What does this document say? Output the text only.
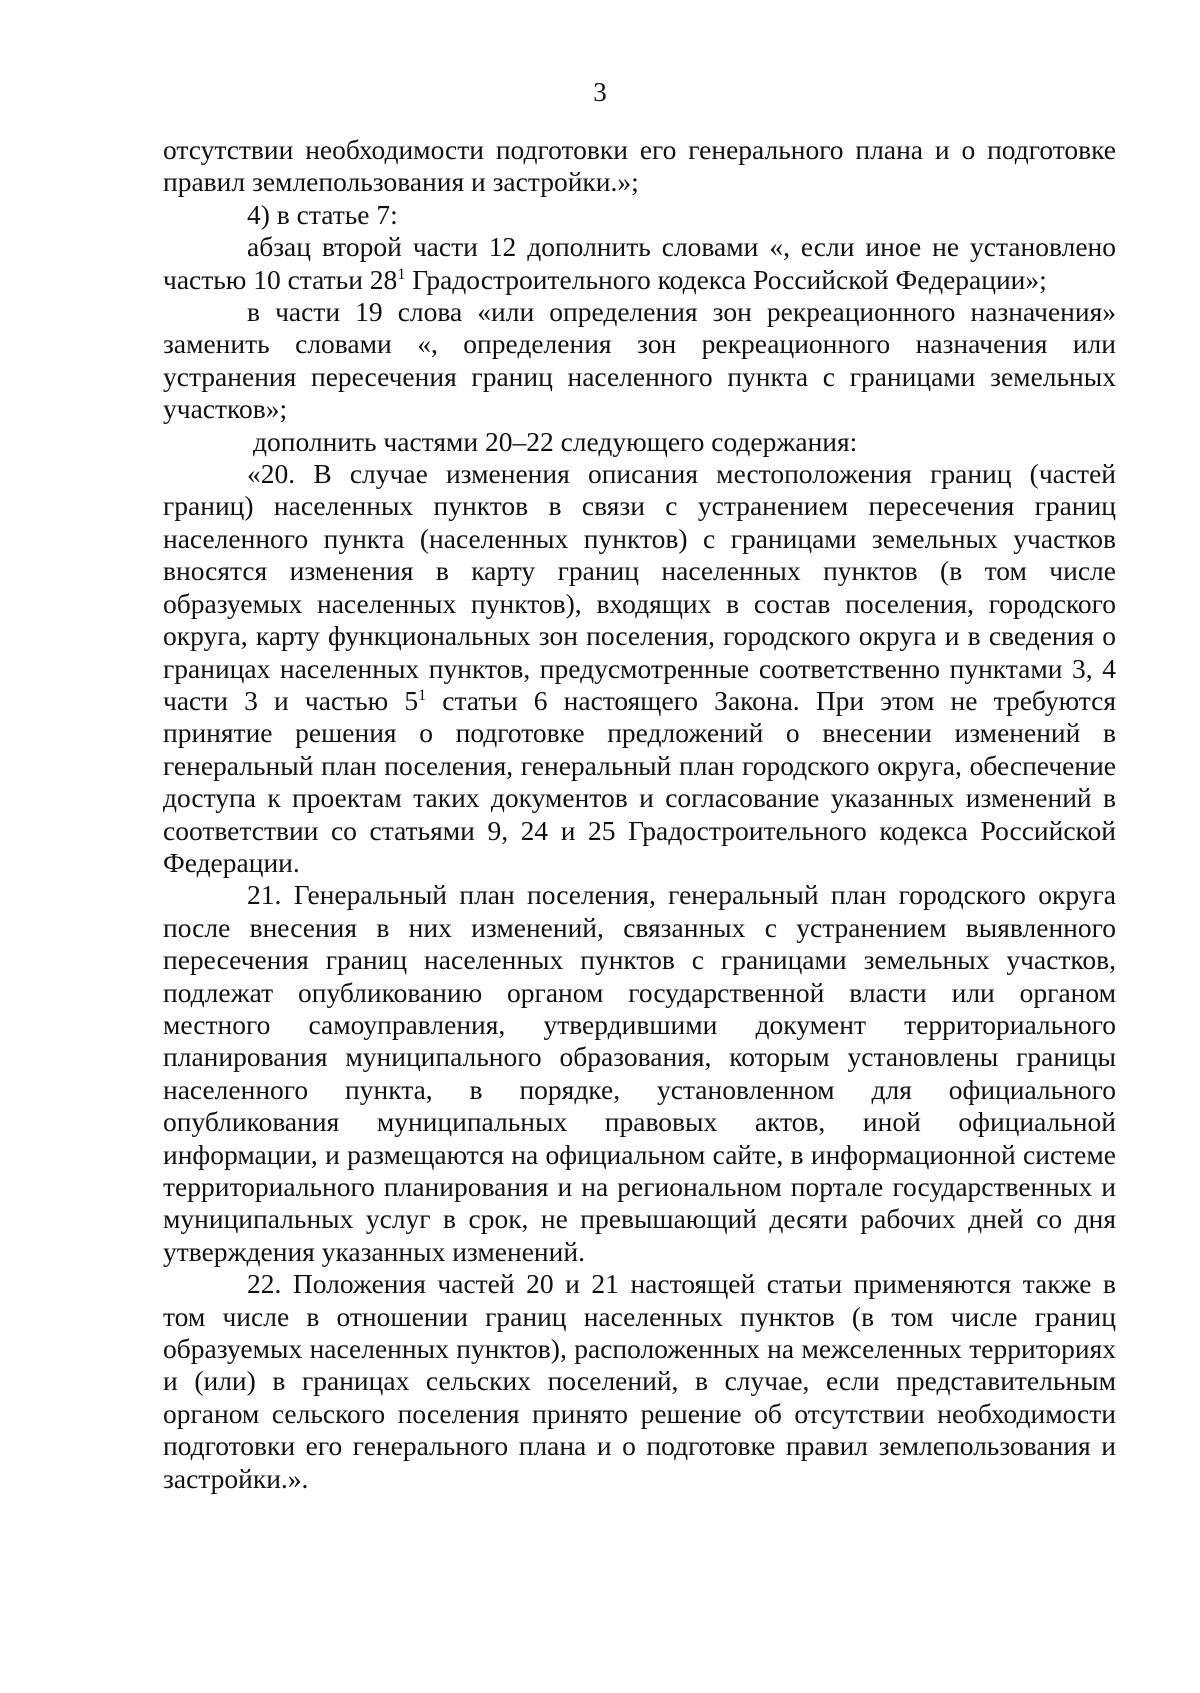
3

отсутствии необходимости подготовки его генерального плана и о подготовке правил землепользования и застройки.»;

4) в статье 7:

абзац второй части 12 дополнить словами «, если иное не установлено частью 10 статьи $28^1$ Градостроительного кодекса Российской Федерации»;

в части 19 слова «или определения зон рекреационного назначения» заменить словами «, определения зон рекреационного назначения или устранения пересечения границ населенного пункта с границами земельных участков»;

дополнить частями 20–22 следующего содержания:

«20. В случае изменения описания местоположения границ (частей границ) населенных пунктов в связи с устранением пересечения границ населенного пункта (населенных пунктов) с границами земельных участков вносятся изменения в карту границ населенных пунктов (в том числе образуемых населенных пунктов), входящих в состав поселения, городского округа, карту функциональных зон поселения, городского округа и в сведения о границах населенных пунктов, предусмотренные соответственно пунктами 3, 4 части 3 и частью $5^1$ статьи 6 настоящего Закона. При этом не требуются принятие решения о подготовке предложений о внесении изменений в генеральный план поселения, генеральный план городского округа, обеспечение доступа к проектам таких документов и согласование указанных изменений в соответствии со статьями 9, 24 и 25 Градостроительного кодекса Российской Федерации.

21. Генеральный план поселения, генеральный план городского округа после внесения в них изменений, связанных с устранением выявленного пересечения границ населенных пунктов с границами земельных участков, подлежат опубликованию органом государственной власти или органом местного самоуправления, утвердившими документ территориального планирования муниципального образования, которым установлены границы населенного пункта, в порядке, установленном для официального опубликования муниципальных правовых актов, иной официальной информации, и размещаются на официальном сайте, в информационной системе территориального планирования и на региональном портале государственных и муниципальных услуг в срок, не превышающий десяти рабочих дней со дня утверждения указанных изменений.

22. Положения частей 20 и 21 настоящей статьи применяются также в том числе в отношении границ населенных пунктов (в том числе границ образуемых населенных пунктов), расположенных на межселенных территориях и (или) в границах сельских поселений, в случае, если представительным органом сельского поселения принято решение об отсутствии необходимости подготовки его генерального плана и о подготовке правил землепользования и застройки.».
